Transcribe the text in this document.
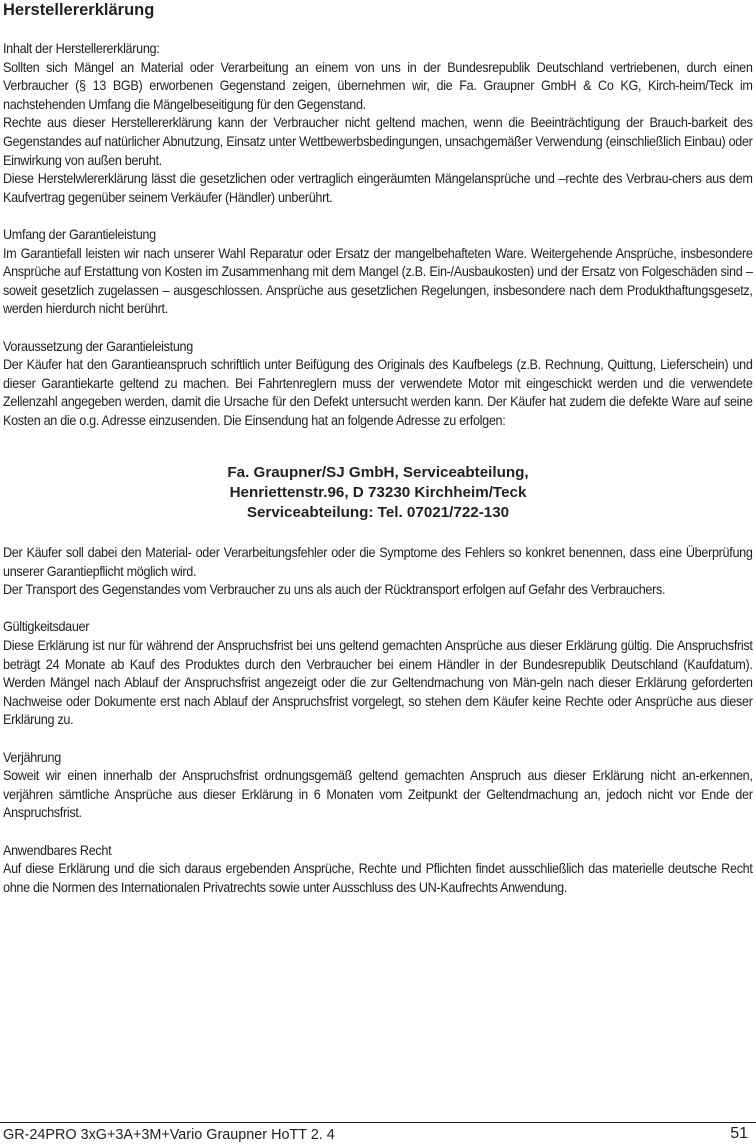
Herstellererklärung

Inhalt der Herstellererklärung:

Sollten sich Mängel an Material oder Verarbeitung an einem von uns in der Bundesrepublik Deutschland vertriebenen, durch einen Verbraucher (§ 13 BGB) erworbenen Gegenstand zeigen, übernehmen wir, die Fa. Graupner GmbH & Co KG, Kirch-heim/Teck im nachstehenden Umfang die Mängelbeseitigung für den Gegenstand.

Rechte aus dieser Herstellererklärung kann der Verbraucher nicht geltend machen, wenn die Beeinträchtigung der Brauch-barkeit des Gegenstandes auf natürlicher Abnutzung, Einsatz unter Wettbewerbsbedingungen, unsachgemäßer Verwendung (einschließlich Einbau) oder Einwirkung von außen beruht.

Diese Herstelwlererklärung lässt die gesetzlichen oder vertraglich eingeräumten Mängelansprüche und –rechte des Verbrau-chers aus dem Kaufvertrag gegenüber seinem Verkäufer (Händler) unberührt.

Umfang der Garantieleistung

Im Garantiefall leisten wir nach unserer Wahl Reparatur oder Ersatz der mangelbehafteten Ware. Weitergehende Ansprüche, insbesondere Ansprüche auf Erstattung von Kosten im Zusammenhang mit dem Mangel (z.B. Ein-/Ausbaukosten) und der Ersatz von Folgeschäden sind – soweit gesetzlich zugelassen – ausgeschlossen. Ansprüche aus gesetzlichen Regelungen, insbesondere nach dem Produkthaftungsgesetz, werden hierdurch nicht berührt.

Voraussetzung der Garantieleistung

Der Käufer hat den Garantieanspruch schriftlich unter Beifügung des Originals des Kaufbelegs (z.B. Rechnung, Quittung, Lieferschein) und dieser Garantiekarte geltend zu machen. Bei Fahrtenreglern muss der verwendete Motor mit eingeschickt werden und die verwendete Zellenzahl angegeben werden, damit die Ursache für den Defekt untersucht werden kann. Der Käufer hat zudem die defekte Ware auf seine Kosten an die o.g. Adresse einzusenden. Die Einsendung hat an folgende Adresse zu erfolgen:

Fa. Graupner/SJ GmbH, Serviceabteilung,

Henriettenstr.96, D 73230 Kirchheim/Teck

Serviceabteilung: Tel. 07021/722-130

Der Käufer soll dabei den Material- oder Verarbeitungsfehler oder die Symptome des Fehlers so konkret benennen, dass eine Überprüfung unserer Garantiepflicht möglich wird.

Der Transport des Gegenstandes vom Verbraucher zu uns als auch der Rücktransport erfolgen auf Gefahr des Verbrauchers.

Gültigkeitsdauer

Diese Erklärung ist nur für während der Anspruchsfrist bei uns geltend gemachten Ansprüche aus dieser Erklärung gültig. Die Anspruchsfrist beträgt 24 Monate ab Kauf des Produktes durch den Verbraucher bei einem Händler in der Bundesrepublik Deutschland (Kaufdatum). Werden Mängel nach Ablauf der Anspruchsfrist angezeigt oder die zur Geltendmachung von Män-geln nach dieser Erklärung geforderten Nachweise oder Dokumente erst nach Ablauf der Anspruchsfrist vorgelegt, so stehen dem Käufer keine Rechte oder Ansprüche aus dieser Erklärung zu.

Verjährung

Soweit wir einen innerhalb der Anspruchsfrist ordnungsgemäß geltend gemachten Anspruch aus dieser Erklärung nicht an-erkennen, verjähren sämtliche Ansprüche aus dieser Erklärung in 6 Monaten vom Zeitpunkt der Geltendmachung an, jedoch nicht vor Ende der Anspruchsfrist.

Anwendbares Recht

Auf diese Erklärung und die sich daraus ergebenden Ansprüche, Rechte und Pflichten findet ausschließlich das materielle deutsche Recht ohne die Normen des Internationalen Privatrechts sowie unter Ausschluss des UN-Kaufrechts Anwendung.

GR-24PRO 3xG+3A+3M+Vario Graupner HoTT 2. 4	51
